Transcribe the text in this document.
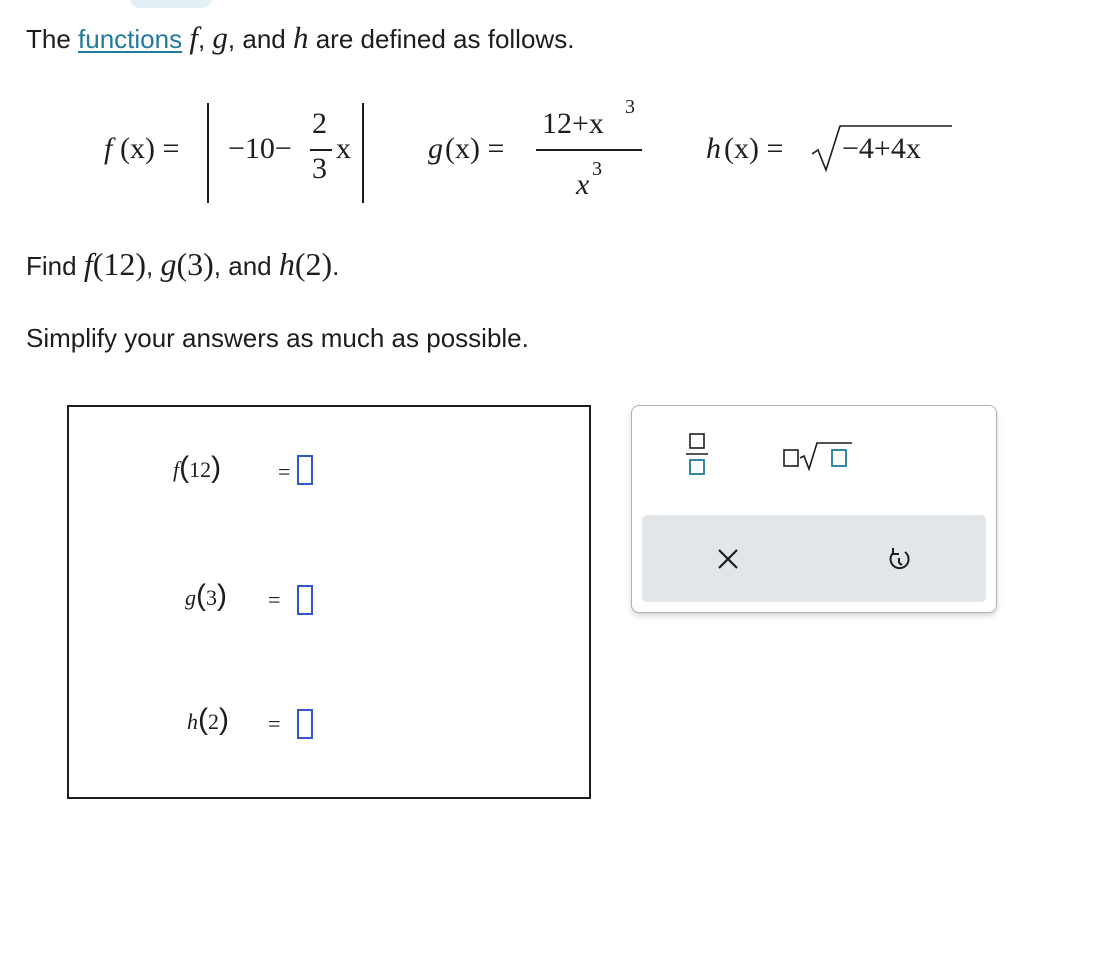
The functions f, g, and h are defined as follows.
f (x) = −10−
2
3
x	g (x) =
12+x 3
x 3
h (x) = −4+4x
Find f(12), g(3), and h(2).
Simplify your answers as much as possible.
f(12)	=
g(3) =
h(2) =
